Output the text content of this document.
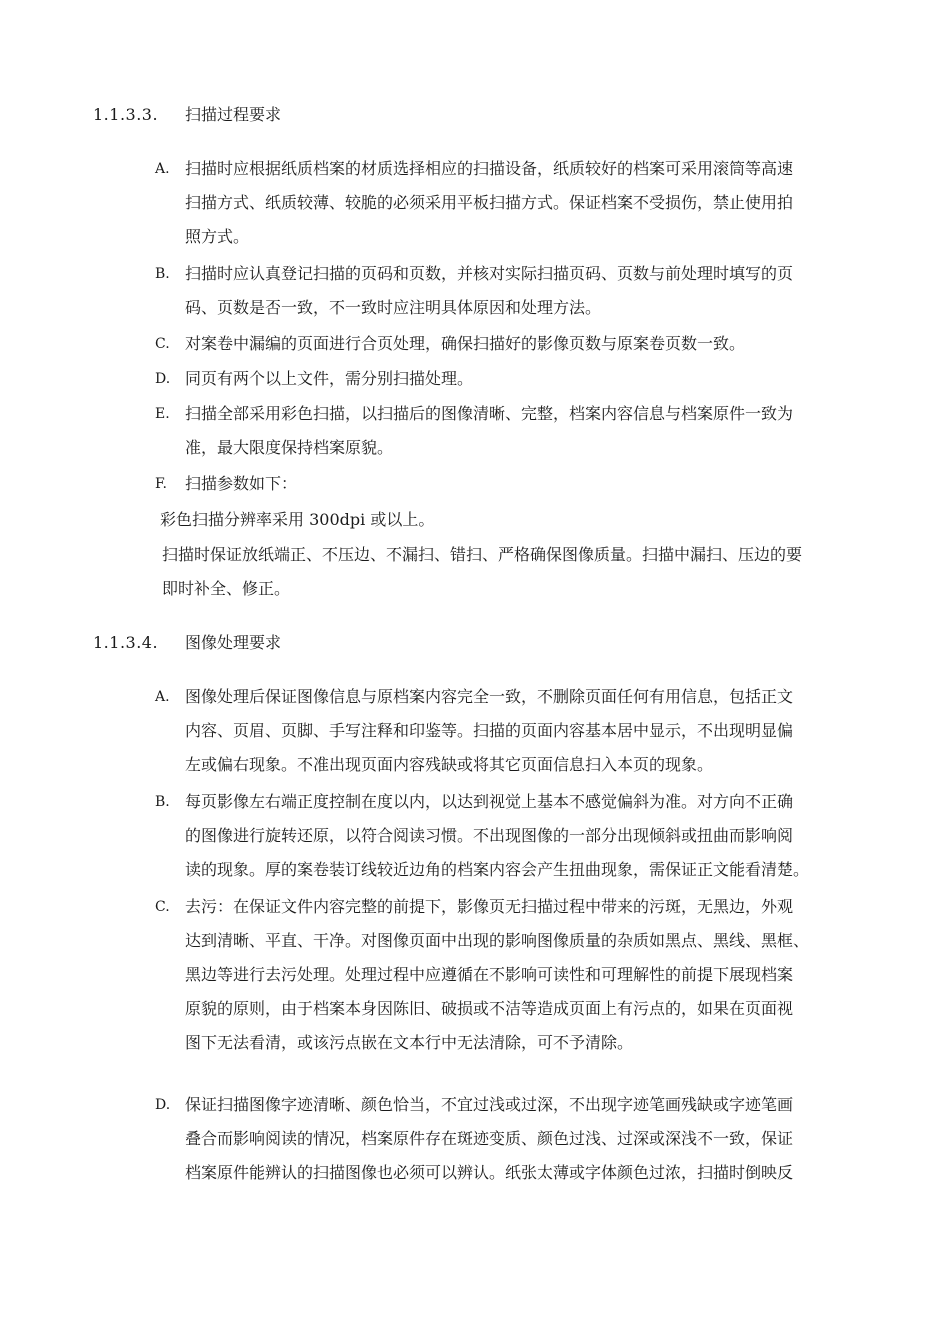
1.1.3.3. 扫描过程要求
A. 扫描时应根据纸质档案的材质选择相应的扫描设备，纸质较好的档案可采用滚筒等高速
扫描方式、纸质较薄、较脆的必须采用平板扫描方式。保证档案不受损伤，禁止使用拍
照方式。
B. 扫描时应认真登记扫描的页码和页数，并核对实际扫描页码、页数与前处理时填写的页
码、页数是否一致，不一致时应注明具体原因和处理方法。
C. 对案卷中漏编的页面进行合页处理，确保扫描好的影像页数与原案卷页数一致。
D. 同页有两个以上文件，需分别扫描处理。
E. 扫描全部采用彩色扫描，以扫描后的图像清晰、完整，档案内容信息与档案原件一致为
准，最大限度保持档案原貌。
F.	扫描参数如下：
彩色扫描分辨率采用 300dpi 或以上。
扫描时保证放纸端正、不压边、不漏扫、错扫、严格确保图像质量。扫描中漏扫、压边的要
即时补全、修正。
1.1.3.4. 图像处理要求
A. 图像处理后保证图像信息与原档案内容完全一致，不删除页面任何有用信息，包括正文
内容、页眉、页脚、手写注释和印鉴等。扫描的页面内容基本居中显示，不出现明显偏
左或偏右现象。不准出现页面内容残缺或将其它页面信息扫入本页的现象。
B. 每页影像左右端正度控制在度以内，以达到视觉上基本不感觉偏斜为准。对方向不正确
的图像进行旋转还原，以符合阅读习惯。不出现图像的一部分出现倾斜或扭曲而影响阅
读的现象。厚的案卷装订线较近边角的档案内容会产生扭曲现象，需保证正文能看清楚。
C. 去污：在保证文件内容完整的前提下，影像页无扫描过程中带来的污斑，无黑边，外观
达到清晰、平直、干净。对图像页面中出现的影响图像质量的杂质如黑点、黑线、黑框、
黑边等进行去污处理。处理过程中应遵循在不影响可读性和可理解性的前提下展现档案
原貌的原则，由于档案本身因陈旧、破损或不洁等造成页面上有污点的，如果在页面视
图下无法看清，或该污点嵌在文本行中无法清除，可不予清除。
D. 保证扫描图像字迹清晰、颜色恰当，不宜过浅或过深，不出现字迹笔画残缺或字迹笔画
叠合而影响阅读的情况，档案原件存在斑迹变质、颜色过浅、过深或深浅不一致，保证
档案原件能辨认的扫描图像也必须可以辨认。纸张太薄或字体颜色过浓，扫描时倒映反
